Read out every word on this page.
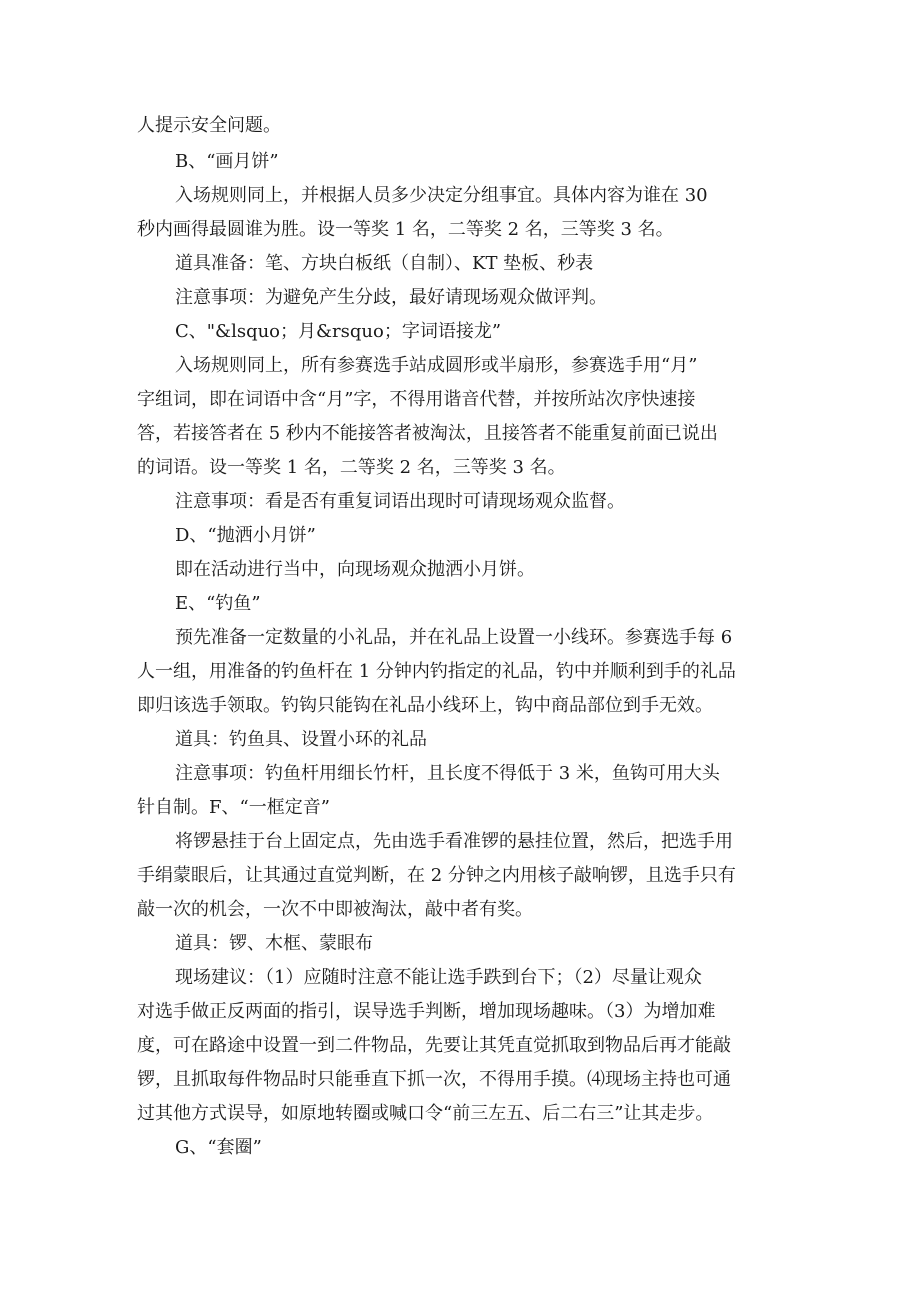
人提示安全问题。
B、“画月饼”
入场规则同上，并根据人员多少决定分组事宜。具体内容为谁在 30
秒内画得最圆谁为胜。设一等奖 1 名，二等奖 2 名，三等奖 3 名。
道具准备：笔、方块白板纸（自制）、KT 垫板、秒表
注意事项：为避免产生分歧，最好请现场观众做评判。
C、"&lsquo；月&rsquo；字词语接龙”
入场规则同上，所有参赛选手站成圆形或半扇形，参赛选手用“月”
字组词，即在词语中含“月”字，不得用谐音代替，并按所站次序快速接
答，若接答者在 5 秒内不能接答者被淘汰，且接答者不能重复前面已说出
的词语。设一等奖 1 名，二等奖 2 名，三等奖 3 名。
注意事项：看是否有重复词语出现时可请现场观众监督。
D、“抛洒小月饼”
即在活动进行当中，向现场观众抛洒小月饼。
E、“钓鱼”
预先准备一定数量的小礼品，并在礼品上设置一小线环。参赛选手每 6
人一组，用准备的钓鱼杆在 1 分钟内钓指定的礼品，钓中并顺利到手的礼品
即归该选手领取。钓钩只能钩在礼品小线环上，钩中商品部位到手无效。
道具：钓鱼具、设置小环的礼品
注意事项：钓鱼杆用细长竹杆，且长度不得低于 3 米，鱼钩可用大头
针自制。F、“一框定音”
将锣悬挂于台上固定点，先由选手看准锣的悬挂位置，然后，把选手用
手绢蒙眼后，让其通过直觉判断，在 2 分钟之内用核子敲响锣，且选手只有
敲一次的机会，一次不中即被淘汰，敲中者有奖。
道具：锣、木框、蒙眼布
现场建议：（1）应随时注意不能让选手跌到台下；（2）尽量让观众
对选手做正反两面的指引，误导选手判断，增加现场趣味。（3）为增加难
度，可在路途中设置一到二件物品，先要让其凭直觉抓取到物品后再才能敲
锣，且抓取每件物品时只能垂直下抓一次，不得用手摸。⑷现场主持也可通
过其他方式误导，如原地转圈或喊口令“前三左五、后二右三”让其走步。
G、“套圈”
